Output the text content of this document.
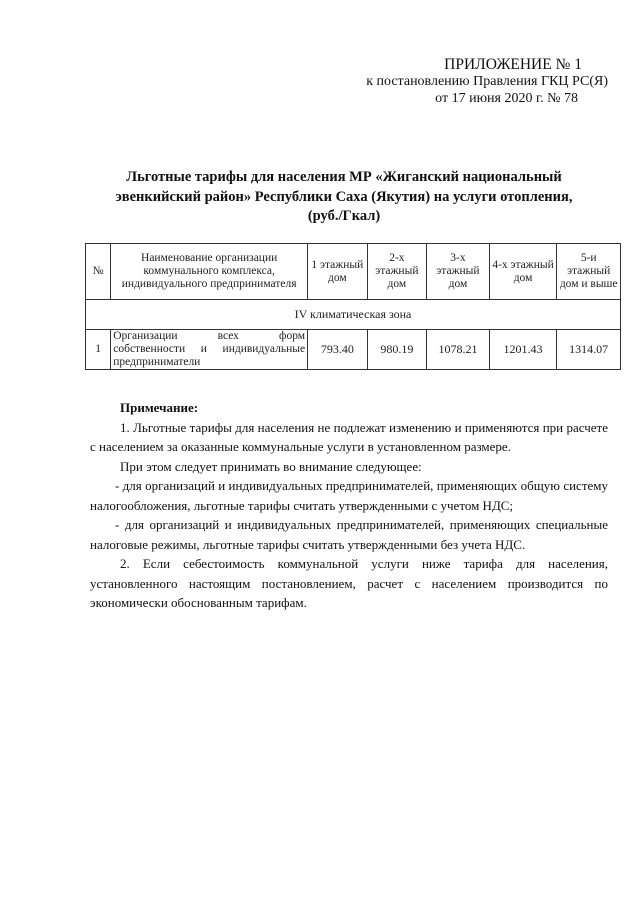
ПРИЛОЖЕНИЕ № 1
к постановлению Правления ГКЦ РС(Я)
от 17 июня 2020 г. № 78
Льготные тарифы для населения МР «Жиганский национальный
эвенкийский район» Республики Саха (Якутия) на услуги отопления,
(руб./Гкал)
№	Наименование организации коммунального комплекса, индивидуального предпринимателя	1 этажный дом	2-х этажный дом	3-х этажный дом	4-х этажный дом	5-и этажный дом и выше
IV климатическая зона						
1	Организации всех форм
собственности и индивидуальные
предприниматели	793.40	980.19	1078.21	1201.43	1314.07

Примечание:

1. Льготные тарифы для населения не подлежат изменению и применяются при расчете с населением за оказанные коммунальные услуги в установленном размере.

При этом следует принимать во внимание следующее:

- для организаций и индивидуальных предпринимателей, применяющих общую систему налогообложения, льготные тарифы считать утвержденными с учетом НДС;

- для организаций и индивидуальных предпринимателей, применяющих специальные налоговые режимы, льготные тарифы считать утвержденными без учета НДС.

2. Если себестоимость коммунальной услуги ниже тарифа для населения, установленного настоящим постановлением, расчет с населением производится по экономически обоснованным тарифам.
